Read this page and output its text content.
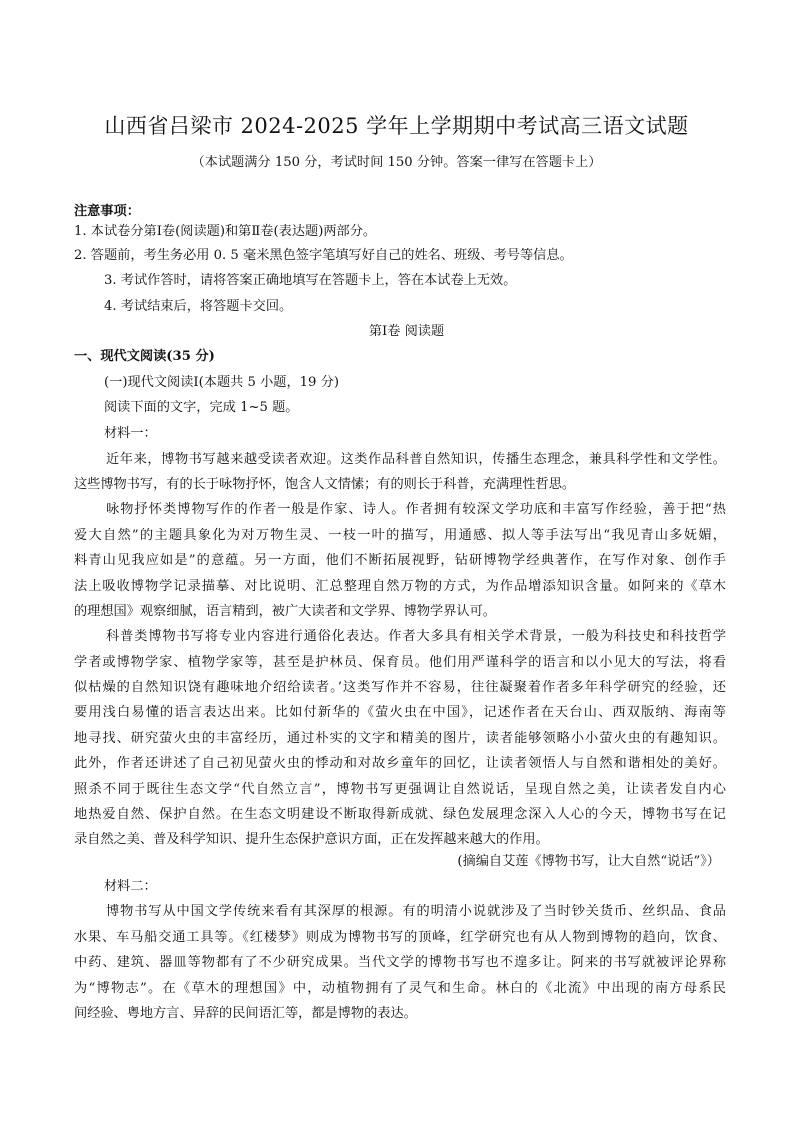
山西省吕梁市 2024-2025 学年上学期期中考试高三语文试题
（本试题满分 150 分，考试时间 150 分钟。答案一律写在答题卡上）
注意事项：
1. 本试卷分第Ⅰ卷(阅读题)和第Ⅱ卷(表达题)两部分。
2. 答题前，考生务必用 0. 5 毫米黑色签字笔填写好自己的姓名、班级、考号等信息。
3. 考试作答时，请将答案正确地填写在答题卡上，答在本试卷上无效。
4. 考试结束后，将答题卡交回。
第Ⅰ卷 阅读题
一、现代文阅读(35 分)
(一)现代文阅读Ⅰ(本题共 5 小题，19 分)
阅读下面的文字，完成 1~5 题。
材料一：
近年来，博物书写越来越受读者欢迎。这类作品科普自然知识，传播生态理念，兼具科学性和文学性。
这些博物书写，有的长于咏物抒怀，饱含人文情愫；有的则长于科普，充满理性哲思。
咏物抒怀类博物写作的作者一般是作家、诗人。作者拥有较深文学功底和丰富写作经验，善于把“热
爱大自然”的主题具象化为对万物生灵、一枝一叶的描写，用通感、拟人等手法写出“我见青山多妩媚，
料青山见我应如是”的意蕴。另一方面，他们不断拓展视野，钻研博物学经典著作，在写作对象、创作手
法上吸收博物学记录描摹、对比说明、汇总整理自然万物的方式，为作品增添知识含量。如阿来的《草木
的理想国》观察细腻，语言精到，被广大读者和文学界、博物学界认可。
科普类博物书写将专业内容进行通俗化表达。作者大多具有相关学术背景，一般为科技史和科技哲学
学者或博物学家、植物学家等，甚至是护林员、保育员。他们用严谨科学的语言和以小见大的写法，将看
似枯燥的自然知识饶有趣味地介绍给读者。’这类写作并不容易，往往凝聚着作者多年科学研究的经验，还
要用浅白易懂的语言表达出来。比如付新华的《萤火虫在中国》，记述作者在天台山、西双版纳、海南等
地寻找、研究萤火虫的丰富经历，通过朴实的文字和精美的图片，读者能够领略小小萤火虫的有趣知识。
此外，作者还讲述了自己初见萤火虫的悸动和对故乡童年的回忆，让读者领悟人与自然和谐相处的美好。
照杀不同于既往生态文学“代自然立言”，博物书写更强调让自然说话，呈现自然之美，让读者发自内心
地热爱自然、保护自然。在生态文明建设不断取得新成就、绿色发展理念深入人心的今天，博物书写在记
录自然之美、普及科学知识、提升生态保护意识方面，正在发挥越来越大的作用。
(摘编自艾莲《博物书写，让大自然“说话”》）
材料二：
博物书写从中国文学传统来看有其深厚的根源。有的明清小说就涉及了当时钞关货币、丝织品、食品
水果、车马船交通工具等。《红楼梦》则成为博物书写的顶峰，红学研究也有从人物到博物的趋向，饮食、
中药、建筑、器皿等物都有了不少研究成果。当代文学的博物书写也不遑多让。阿来的书写就被评论界称
为“博物志”。在《草木的理想国》中，动植物拥有了灵气和生命。林白的《北流》中出现的南方母系民
间经验、粤地方言、异辞的民间语汇等，都是博物的表达。
